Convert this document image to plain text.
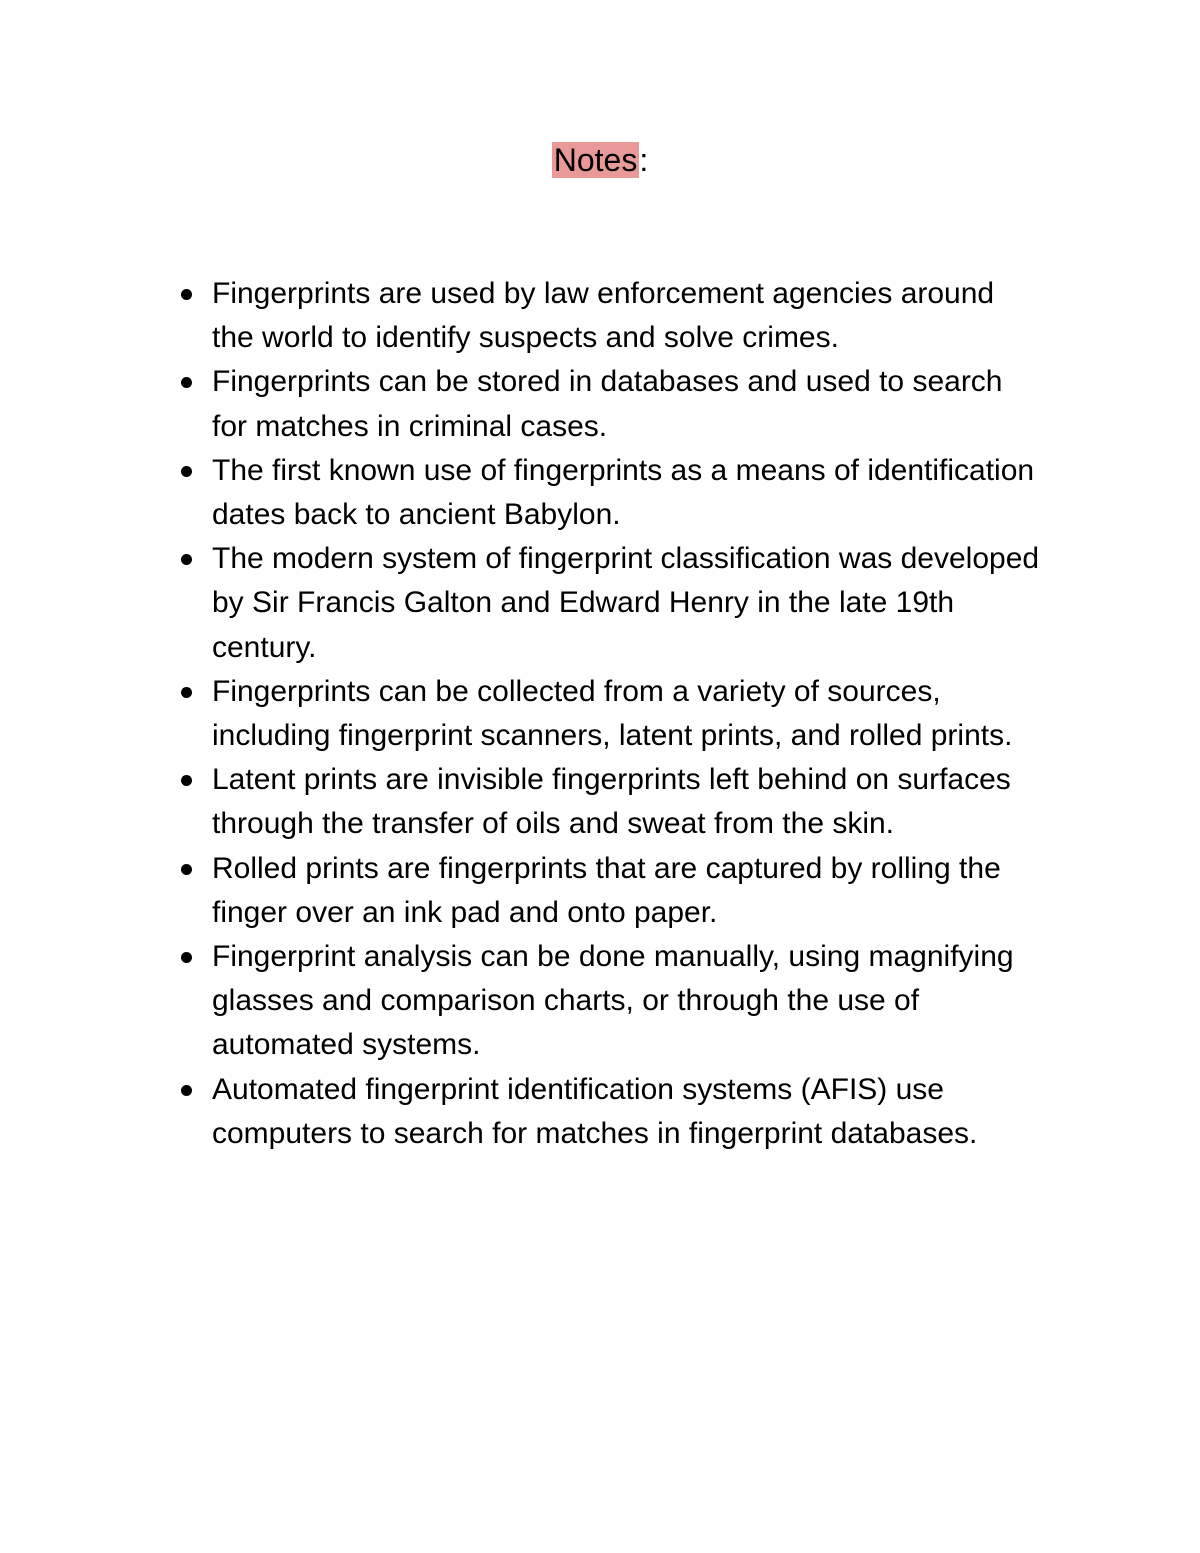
Notes:
Fingerprints are used by law enforcement agencies around the world to identify suspects and solve crimes.
Fingerprints can be stored in databases and used to search for matches in criminal cases.
The first known use of fingerprints as a means of identification dates back to ancient Babylon.
The modern system of fingerprint classification was developed by Sir Francis Galton and Edward Henry in the late 19th century.
Fingerprints can be collected from a variety of sources, including fingerprint scanners, latent prints, and rolled prints.
Latent prints are invisible fingerprints left behind on surfaces through the transfer of oils and sweat from the skin.
Rolled prints are fingerprints that are captured by rolling the finger over an ink pad and onto paper.
Fingerprint analysis can be done manually, using magnifying glasses and comparison charts, or through the use of automated systems.
Automated fingerprint identification systems (AFIS) use computers to search for matches in fingerprint databases.
